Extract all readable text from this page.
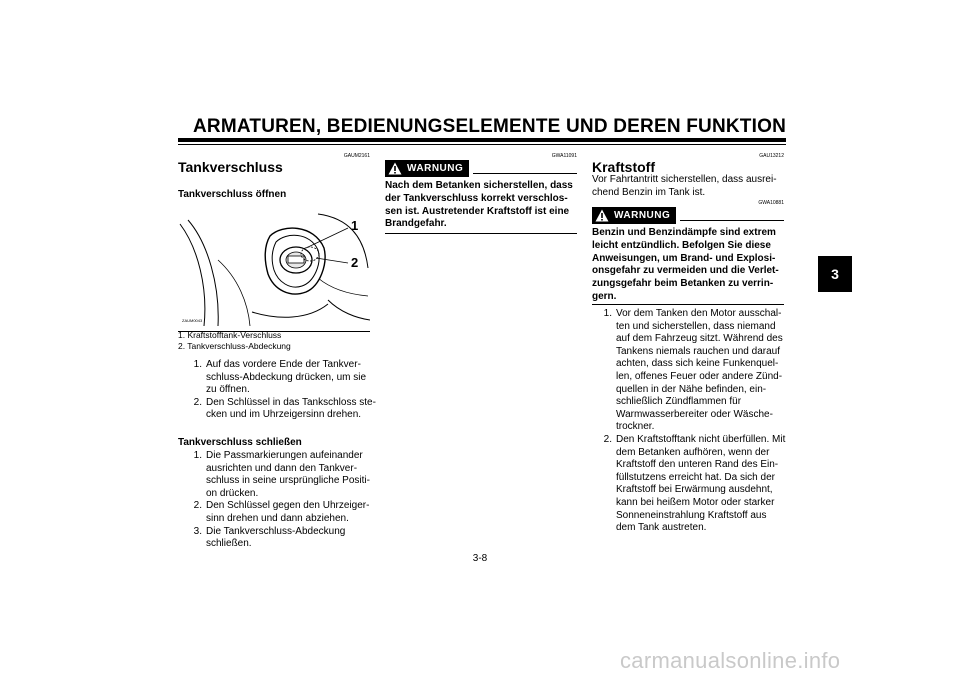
ARMATUREN, BEDIENUNGSELEMENTE UND DEREN FUNKTION
3
GAUM2161
Tankverschluss
Tankverschluss öffnen
1
2
ZAUM0043
1. Kraftstofftank-Verschluss
2. Tankverschluss-Abdeckung
1. Auf das vordere Ende der Tankver-schluss-Abdeckung drücken, um sie zu öffnen.
2. Den Schlüssel in das Tankschloss ste-cken und im Uhrzeigersinn drehen.
Tankverschluss schließen
1. Die Passmarkierungen aufeinander ausrichten und dann den Tankver-schluss in seine ursprüngliche Positi-on drücken.
2. Den Schlüssel gegen den Uhrzeiger-sinn drehen und dann abziehen.
3. Die Tankverschluss-Abdeckung schließen.
GWA11091
WARNUNG
Nach dem Betanken sicherstellen, dass der Tankverschluss korrekt verschlos-sen ist. Austretender Kraftstoff ist eine Brandgefahr.
GAU13212
Kraftstoff
Vor Fahrtantritt sicherstellen, dass ausrei-chend Benzin im Tank ist.
GWA10881
WARNUNG
Benzin und Benzindämpfe sind extrem leicht entzündlich. Befolgen Sie diese Anweisungen, um Brand- und Explosi-onsgefahr zu vermeiden und die Verlet-zungsgefahr beim Betanken zu verrin-gern.
1. Vor dem Tanken den Motor ausschal-ten und sicherstellen, dass niemand auf dem Fahrzeug sitzt. Während des Tankens niemals rauchen und darauf achten, dass sich keine Funkenquel-len, offenes Feuer oder andere Zünd-quellen in der Nähe befinden, ein-schließlich Zündflammen für Warmwasserbereiter oder Wäsche-trockner.
2. Den Kraftstofftank nicht überfüllen. Mit dem Betanken aufhören, wenn der Kraftstoff den unteren Rand des Ein-füllstutzens erreicht hat. Da sich der Kraftstoff bei Erwärmung ausdehnt, kann bei heißem Motor oder starker Sonneneinstrahlung Kraftstoff aus dem Tank austreten.
3-8
carmanualsonline.info
